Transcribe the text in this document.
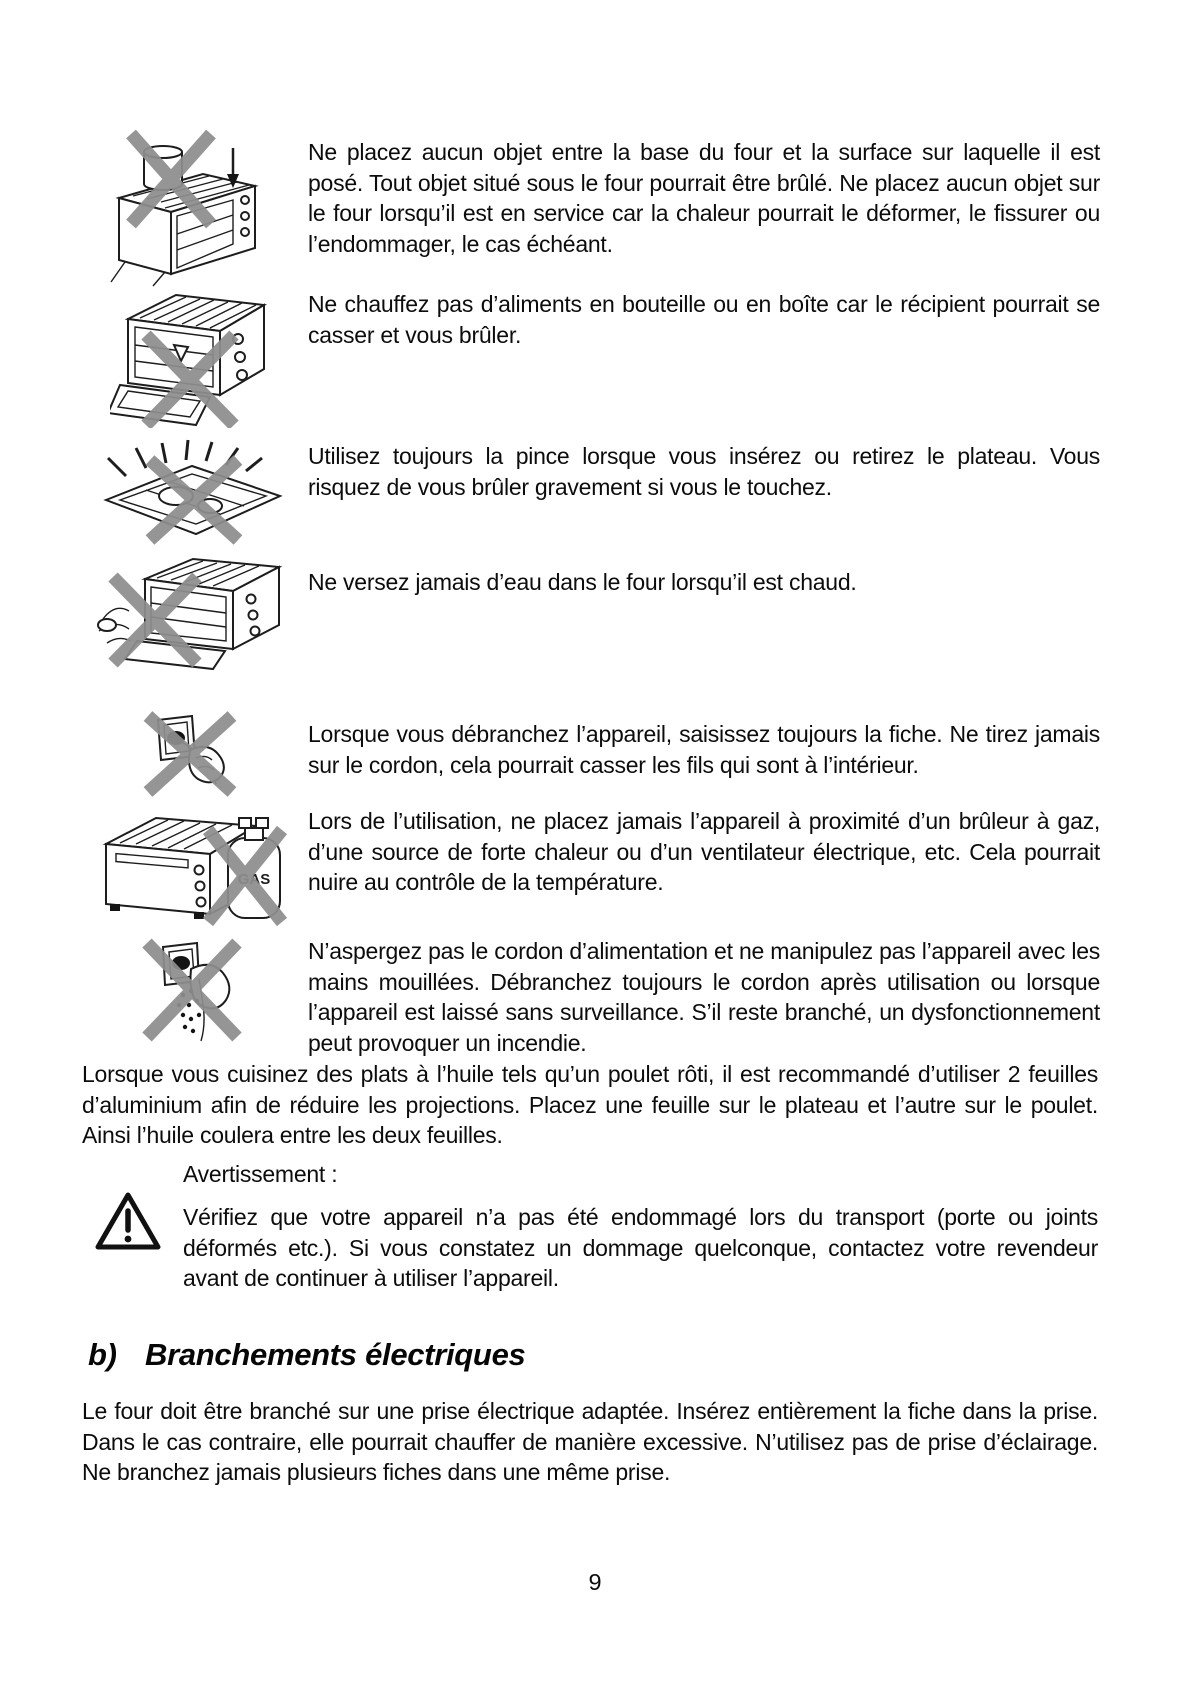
Ne placez aucun objet entre la base du four et la surface sur laquelle il est posé. Tout objet situé sous le four pourrait être brûlé. Ne placez aucun objet sur le four lorsqu’il est en service car la chaleur pourrait le déformer, le fissurer ou l’endommager, le cas échéant.
Ne chauffez pas d’aliments en bouteille ou en boîte car le récipient pourrait se casser et vous brûler.
Utilisez toujours la pince lorsque vous insérez ou retirez le plateau. Vous risquez de vous brûler gravement si vous le touchez.
Ne versez jamais d’eau dans le four lorsqu’il est chaud.
Lorsque vous débranchez l’appareil, saisissez toujours la fiche. Ne tirez jamais sur le cordon, cela pourrait casser les fils qui sont à l’intérieur.
GAS
Lors de l’utilisation, ne placez jamais l’appareil à proximité d’un brûleur à gaz, d’une source de forte chaleur ou d’un ventilateur électrique, etc. Cela pourrait nuire au contrôle de la température.
N’aspergez pas le cordon d’alimentation et ne manipulez pas l’appareil avec les mains mouillées. Débranchez toujours le cordon après utilisation ou lorsque l’appareil est laissé sans surveillance. S’il reste branché, un dysfonctionnement peut provoquer un incendie.
Lorsque vous cuisinez des plats à l’huile tels qu’un poulet rôti, il est recommandé d’utiliser 2 feuilles d’aluminium afin de réduire les projections. Placez une feuille sur le plateau et l’autre sur le poulet. Ainsi l’huile coulera entre les deux feuilles.
Avertissement :
Vérifiez que votre appareil n’a pas été endommagé lors du transport (porte ou joints déformés etc.). Si vous constatez un dommage quelconque, contactez votre revendeur avant de continuer à utiliser l’appareil.
b) Branchements électriques
Le four doit être branché sur une prise électrique adaptée. Insérez entièrement la fiche dans la prise. Dans le cas contraire, elle pourrait chauffer de manière excessive. N’utilisez pas de prise d’éclairage. Ne branchez jamais plusieurs fiches dans une même prise.
9
